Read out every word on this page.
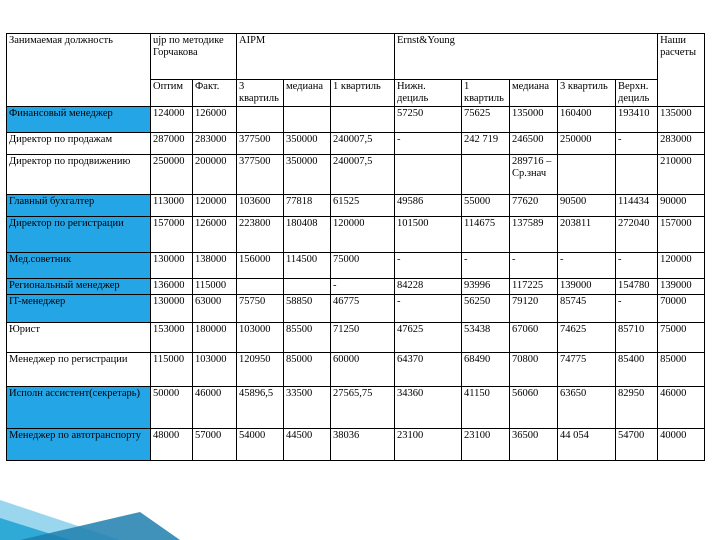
Занимаемая должность	ujp по методике Горчакова		AIPM			Ernst&Young					Наши расчеты
	Оптим	Факт.	3 квартиль	медиана	1 квартиль	Нижн. дециль	1 квартиль	медиана	3 квартиль	Верхн. дециль	
Финансовый менеджер	124000	126000				57250	75625	135000	160400	193410	135000
Директор по продажам	287000	283000	377500	350000	240007,5	-	242 719	246500	250000	-	283000
Директор по продвижению	250000	200000	377500	350000	240007,5			289716 – Ср.знач			210000
Главный бухгалтер	113000	120000	103600	77818	61525	49586	55000	77620	90500	114434	90000
Директор по регистрации	157000	126000	223800	180408	120000	101500	114675	137589	203811	272040	157000
Мед.советник	130000	138000	156000	114500	75000	-	-	-	-	-	120000
Региональный менеджер	136000	115000			-	84228	93996	117225	139000	154780	139000
IT-менеджер	130000	63000	75750	58850	46775	-	56250	79120	85745	-	70000
Юрист	153000	180000	103000	85500	71250	47625	53438	67060	74625	85710	75000
Менеджер по регистрации	115000	103000	120950	85000	60000	64370	68490	70800	74775	85400	85000
Исполн ассистент(секретарь)	50000	46000	45896,5	33500	27565,75	34360	41150	56060	63650	82950	46000
Менеджер по автотранспорту	48000	57000	54000	44500	38036	23100	23100	36500	44 054	54700	40000
